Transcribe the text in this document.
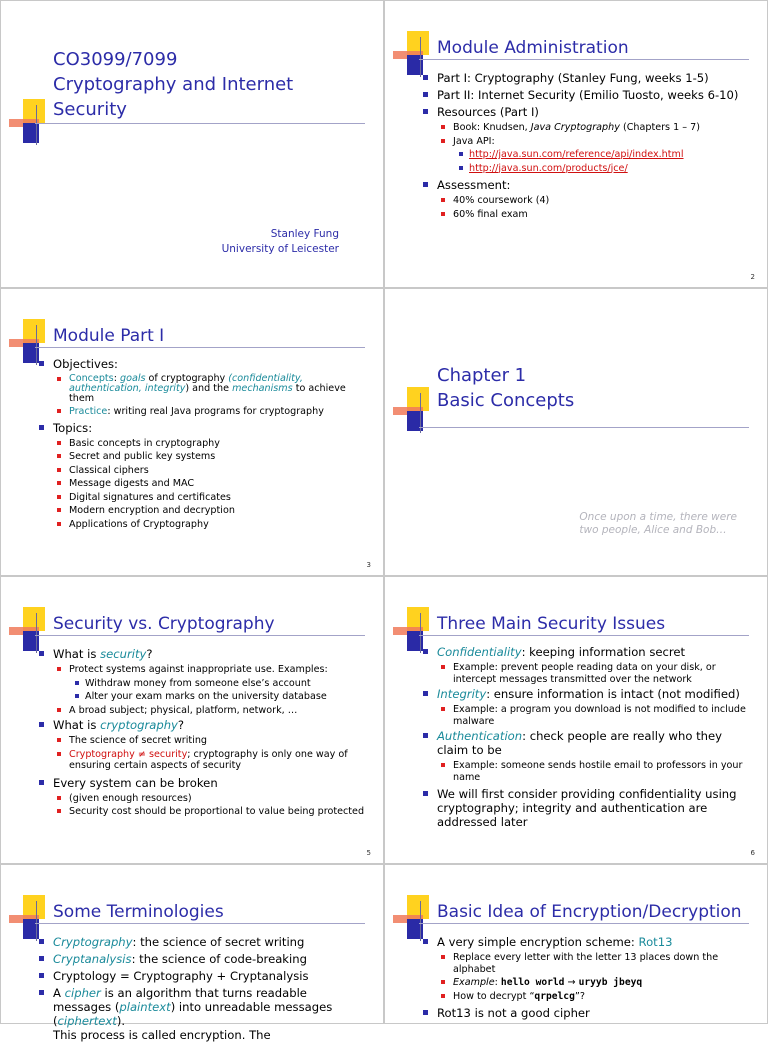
CO3099/7099
Cryptography and Internet
Security
Stanley Fung
University of Leicester
Module Administration
Part I: Cryptography (Stanley Fung, weeks 1-5)
Part II: Internet Security (Emilio Tuosto, weeks 6-10)
Resources (Part I)
Book: Knudsen, Java Cryptography (Chapters 1 – 7)
Java API:
http://java.sun.com/reference/api/index.html
http://java.sun.com/products/jce/
Assessment:
40% coursework (4)
60% final exam
2
Module Part I
Objectives:
Concepts: goals of cryptography (confidentiality, authentication, integrity) and the mechanisms to achieve them
Practice: writing real Java programs for cryptography
Topics:
Basic concepts in cryptography
Secret and public key systems
Classical ciphers
Message digests and MAC
Digital signatures and certificates
Modern encryption and decryption
Applications of Cryptography
3
Chapter 1
Basic Concepts
Once upon a time, there were
two people, Alice and Bob…
Security vs. Cryptography
What is security?
Protect systems against inappropriate use. Examples:
Withdraw money from someone else’s account
Alter your exam marks on the university database
A broad subject; physical, platform, network, …
What is cryptography?
The science of secret writing
Cryptography ≠ security; cryptography is only one way of ensuring certain aspects of security
Every system can be broken
(given enough resources)
Security cost should be proportional to value being protected
5
Three Main Security Issues
Confidentiality: keeping information secret
Example: prevent people reading data on your disk, or intercept messages transmitted over the network
Integrity: ensure information is intact (not modified)
Example: a program you download is not modified to include malware
Authentication: check people are really who they claim to be
Example: someone sends hostile email to professors in your name
We will first consider providing confidentiality using cryptography; integrity and authentication are addressed later
6
Some Terminologies
Cryptography: the science of secret writing
Cryptanalysis: the science of code-breaking
Cryptology = Cryptography + Cryptanalysis
A cipher is an algorithm that turns readable messages (plaintext) into unreadable messages (ciphertext).
This process is called encryption. The
Basic Idea of Encryption/Decryption
A very simple encryption scheme: Rot13
Replace every letter with the letter 13 places down the alphabet
Example: hello world → uryyb jbeyq
How to decrypt “qrpelcg”?
Rot13 is not a good cipher
